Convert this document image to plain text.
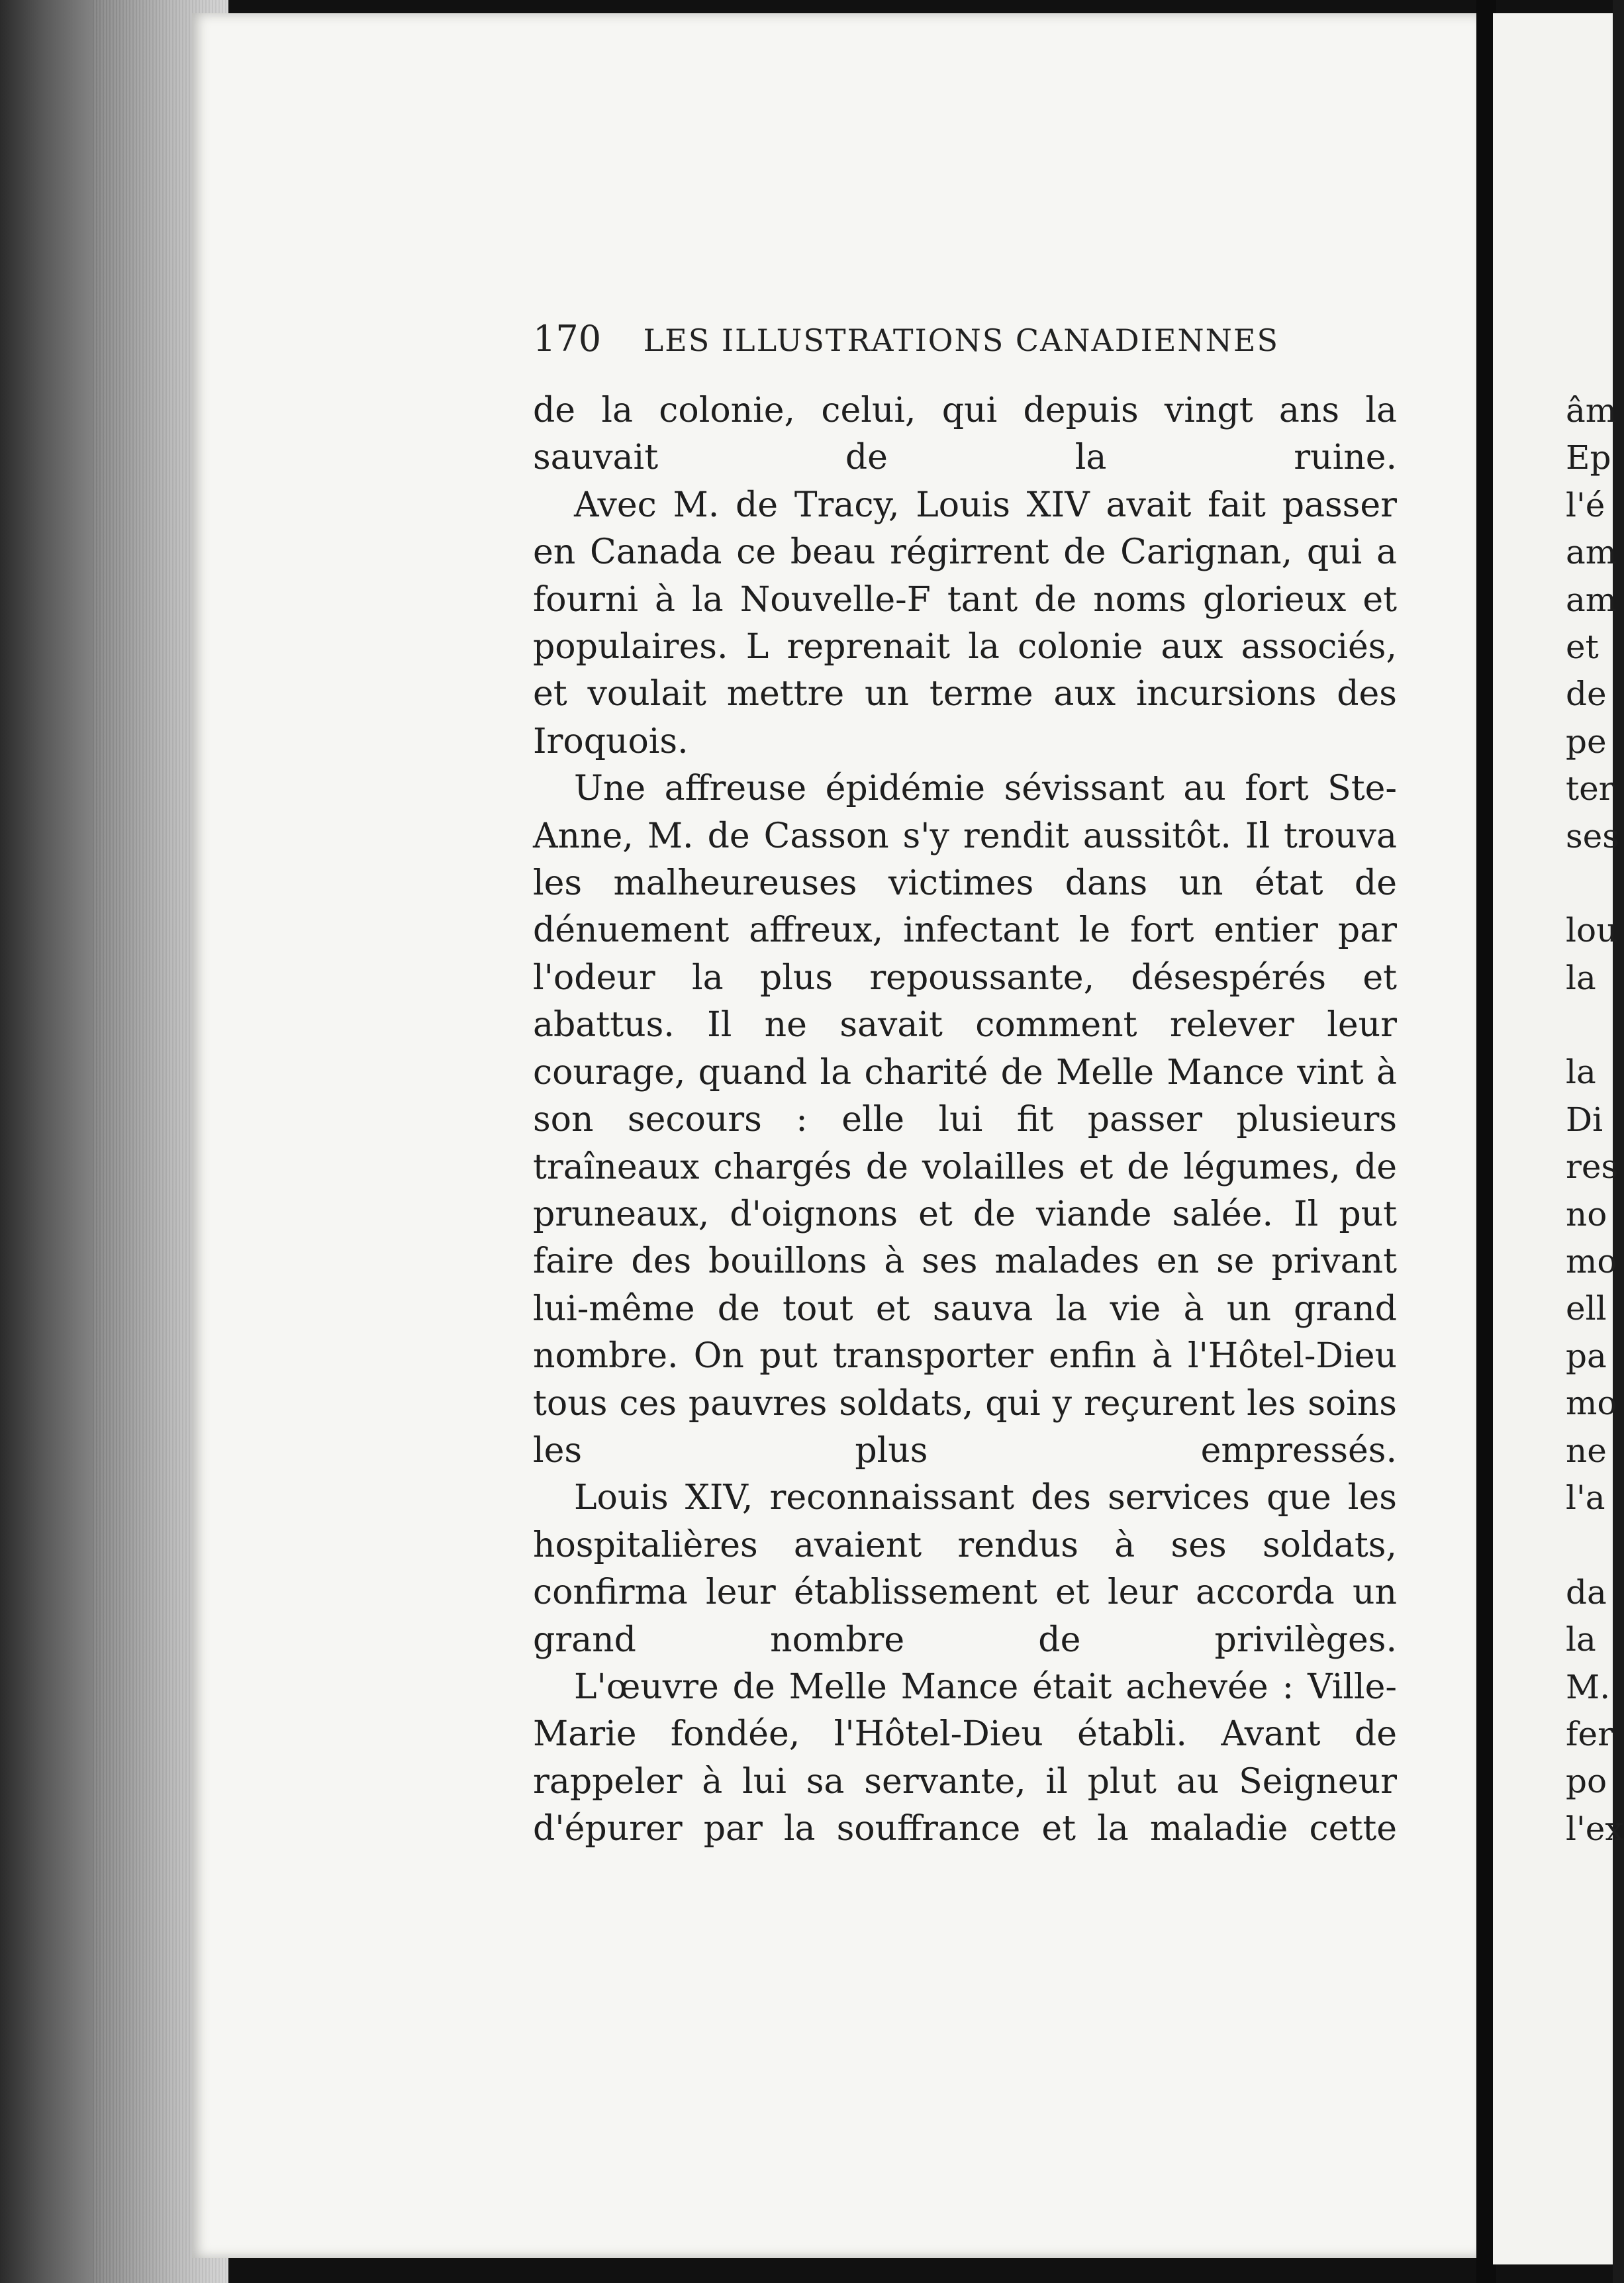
170 LES ILLUSTRATIONS CANADIENNES

de la colonie, celui, qui depuis vingt ans la sauvait de la ruine.

Avec M. de Tracy, Louis XIV avait fait passer en Canada ce beau régirrent de Carignan, qui a fourni à la Nouvelle-F tant de noms glorieux et populaires. L reprenait la colonie aux associés, et voulait mettre un terme aux incursions des Iroquois.

Une affreuse épidémie sévissant au fort Ste-Anne, M. de Casson s'y rendit aussitôt. Il trouva les malheureuses victimes dans un état de dénuement affreux, infectant le fort entier par l'odeur la plus repoussante, désespérés et abattus. Il ne savait comment relever leur courage, quand la charité de Melle Mance vint à son secours : elle lui fit passer plusieurs traîneaux chargés de volailles et de légumes, de pruneaux, d'oignons et de viande salée. Il put faire des bouillons à ses malades en se privant lui-même de tout et sauva la vie à un grand nombre. On put transporter enfin à l'Hôtel-Dieu tous ces pauvres soldats, qui y reçurent les soins les plus empressés.

Louis XIV, reconnaissant des services que les hospitalières avaient rendus à ses soldats, confirma leur établissement et leur accorda un grand nombre de privilèges.

L'œuvre de Melle Mance était achevée : Ville-Marie fondée, l'Hôtel-Dieu établi. Avant de rappeler à lui sa servante, il plut au Seigneur d'épurer par la souffrance et la maladie cette

âm
Ep
l'é
am
am
et
de
pe
ter
ses
lou
la
la
Di
res
no
mo
ell
pa
mo
ne
l'a
da
la
M.
fer
po
l'ex
